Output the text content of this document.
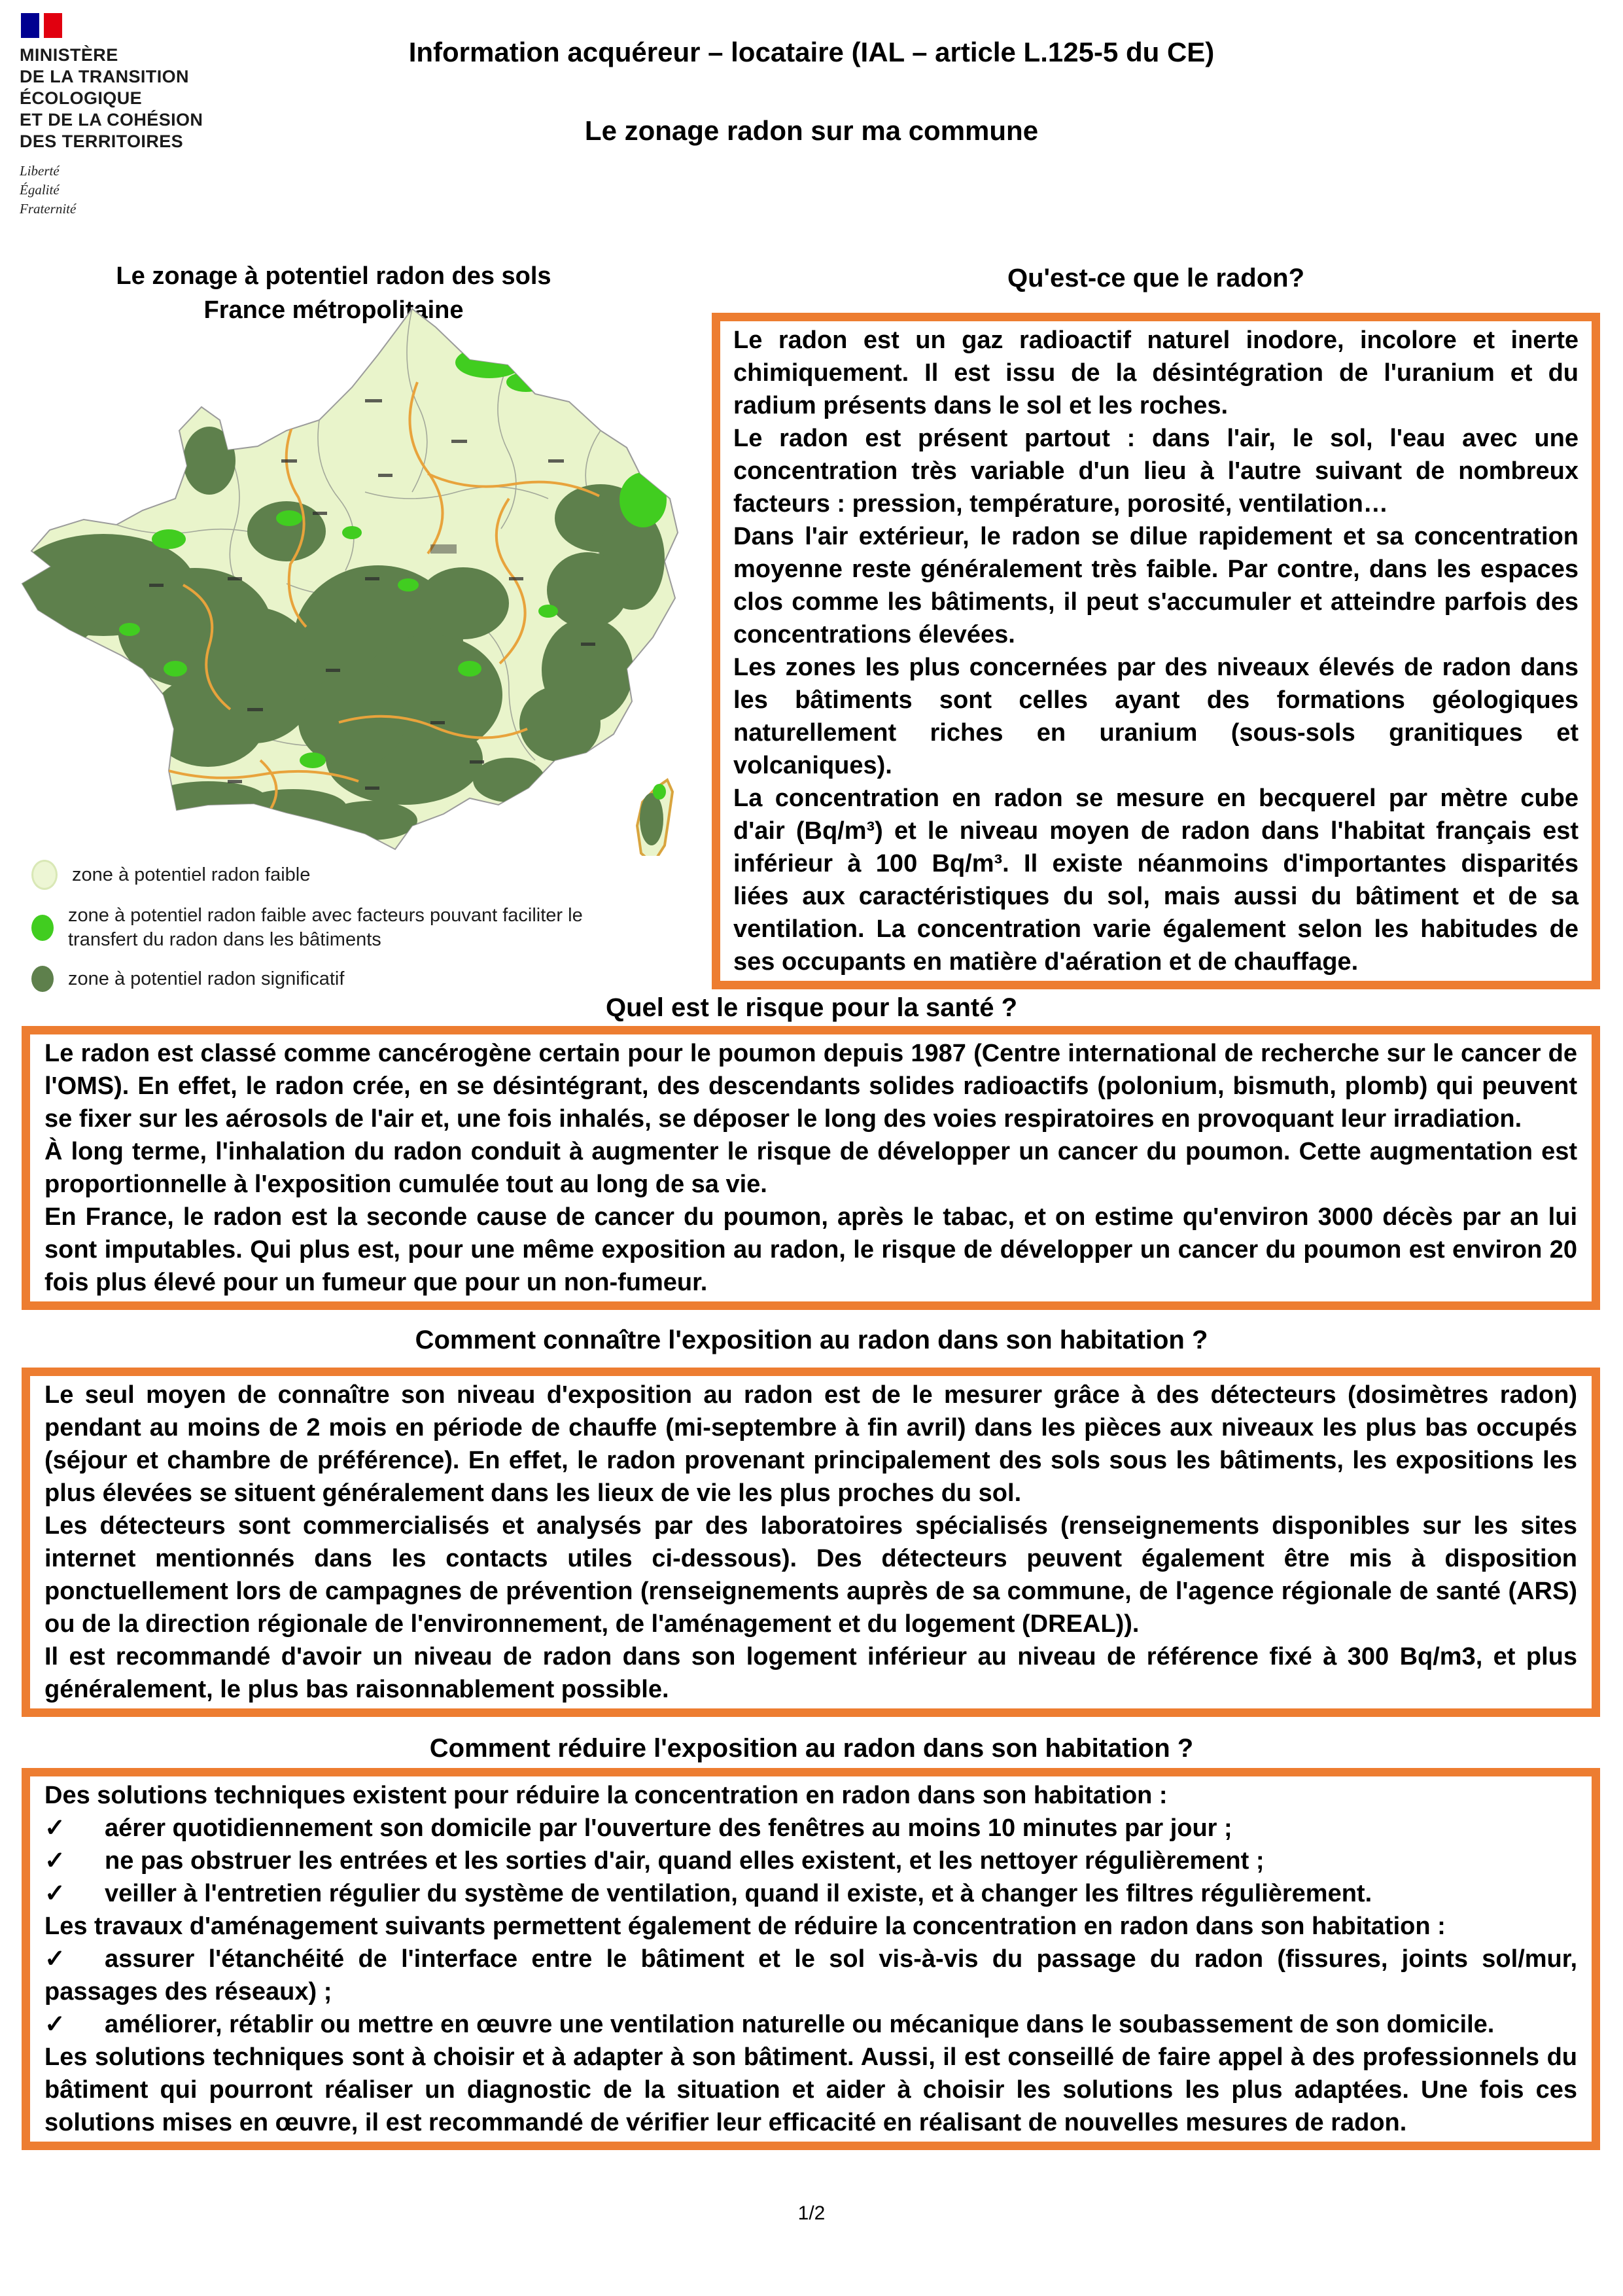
MINISTÈRE
DE LA TRANSITION
ÉCOLOGIQUE
ET DE LA COHÉSION
DES TERRITOIRES
Liberté
Égalité
Fraternité
Information acquéreur – locataire (IAL – article L.125-5 du CE)
Le zonage radon sur ma commune
Le zonage à potentiel radon des sols
France métropolitaine
zone à potentiel radon faible
zone à potentiel radon faible avec facteurs pouvant faciliter le transfert du radon dans les bâtiments
zone à potentiel radon significatif
Qu'est-ce que le radon?

Le radon est un gaz radioactif naturel inodore, incolore et inerte chimiquement. Il est issu de la désintégration de l'uranium et du radium présents dans le sol et les roches.

Le radon est présent partout : dans l'air, le sol, l'eau avec une concentration très variable d'un lieu à l'autre suivant de nombreux facteurs : pression, température, porosité, ventilation…

Dans l'air extérieur, le radon se dilue rapidement et sa concentration moyenne reste généralement très faible. Par contre, dans les espaces clos comme les bâtiments, il peut s'accumuler et atteindre parfois des concentrations élevées.

Les zones les plus concernées par des niveaux élevés de radon dans les bâtiments sont celles ayant des formations géologiques naturellement riches en uranium (sous-sols granitiques et volcaniques).

La concentration en radon se mesure en becquerel par mètre cube d'air (Bq/m³) et le niveau moyen de radon dans l'habitat français est inférieur à 100 Bq/m³. Il existe néanmoins d'importantes disparités liées aux caractéristiques du sol, mais aussi du bâtiment et de sa ventilation. La concentration varie également selon les habitudes de ses occupants en matière d'aération et de chauffage.

Quel est le risque pour la santé ?

Le radon est classé comme cancérogène certain pour le poumon depuis 1987 (Centre international de recherche sur le cancer de l'OMS). En effet, le radon crée, en se désintégrant, des descendants solides radioactifs (polonium, bismuth, plomb) qui peuvent se fixer sur les aérosols de l'air et, une fois inhalés, se déposer le long des voies respiratoires en provoquant leur irradiation.

À long terme, l'inhalation du radon conduit à augmenter le risque de développer un cancer du poumon. Cette augmentation est proportionnelle à l'exposition cumulée tout au long de sa vie.

En France, le radon est la seconde cause de cancer du poumon, après le tabac, et on estime qu'environ 3000 décès par an lui sont imputables. Qui plus est, pour une même exposition au radon, le risque de développer un cancer du poumon est environ 20 fois plus élevé pour un fumeur que pour un non-fumeur.

Comment connaître l'exposition au radon dans son habitation ?

Le seul moyen de connaître son niveau d'exposition au radon est de le mesurer grâce à des détecteurs (dosimètres radon) pendant au moins de 2 mois en période de chauffe (mi-septembre à fin avril) dans les pièces aux niveaux les plus bas occupés (séjour et chambre de préférence). En effet, le radon provenant principalement des sols sous les bâtiments, les expositions les plus élevées se situent généralement dans les lieux de vie les plus proches du sol.

Les détecteurs sont commercialisés et analysés par des laboratoires spécialisés (renseignements disponibles sur les sites internet mentionnés dans les contacts utiles ci-dessous). Des détecteurs peuvent également être mis à disposition ponctuellement lors de campagnes de prévention (renseignements auprès de sa commune, de l'agence régionale de santé (ARS) ou de la direction régionale de l'environnement, de l'aménagement et du logement (DREAL)).

Il est recommandé d'avoir un niveau de radon dans son logement inférieur au niveau de référence fixé à 300 Bq/m3, et plus généralement, le plus bas raisonnablement possible.

Comment réduire l'exposition au radon dans son habitation ?

Des solutions techniques existent pour réduire la concentration en radon dans son habitation :

✓ aérer quotidiennement son domicile par l'ouverture des fenêtres au moins 10 minutes par jour ;
✓ ne pas obstruer les entrées et les sorties d'air, quand elles existent, et les nettoyer régulièrement ;
✓ veiller à l'entretien régulier du système de ventilation, quand il existe, et à changer les filtres régulièrement.

Les travaux d'aménagement suivants permettent également de réduire la concentration en radon dans son habitation :

✓ assurer l'étanchéité de l'interface entre le bâtiment et le sol vis-à-vis du passage du radon (fissures, joints sol/mur, passages des réseaux) ;
✓ améliorer, rétablir ou mettre en œuvre une ventilation naturelle ou mécanique dans le soubassement de son domicile.

Les solutions techniques sont à choisir et à adapter à son bâtiment. Aussi, il est conseillé de faire appel à des professionnels du bâtiment qui pourront réaliser un diagnostic de la situation et aider à choisir les solutions les plus adaptées. Une fois ces solutions mises en œuvre, il est recommandé de vérifier leur efficacité en réalisant de nouvelles mesures de radon.

1/2
